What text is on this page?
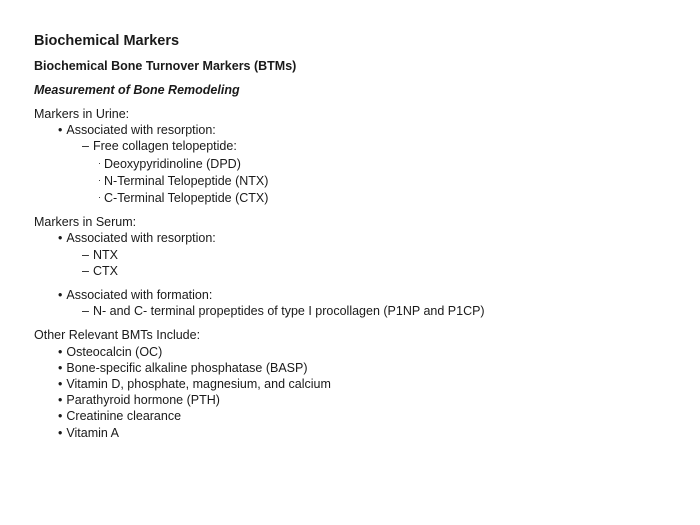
Biochemical Markers
Biochemical Bone Turnover Markers (BTMs)
Measurement of Bone Remodeling
Markers in Urine:
• Associated with resorption:
– Free collagen telopeptide:
· Deoxypyridinoline (DPD)
· N-Terminal Telopeptide (NTX)
· C-Terminal Telopeptide (CTX)
Markers in Serum:
• Associated with resorption:
– NTX
– CTX
• Associated with formation:
– N- and C- terminal propeptides of type I procollagen (P1NP and P1CP)
Other Relevant BMTs Include:
• Osteocalcin (OC)
• Bone-specific alkaline phosphatase (BASP)
• Vitamin D, phosphate, magnesium, and calcium
• Parathyroid hormone (PTH)
• Creatinine clearance
• Vitamin A
